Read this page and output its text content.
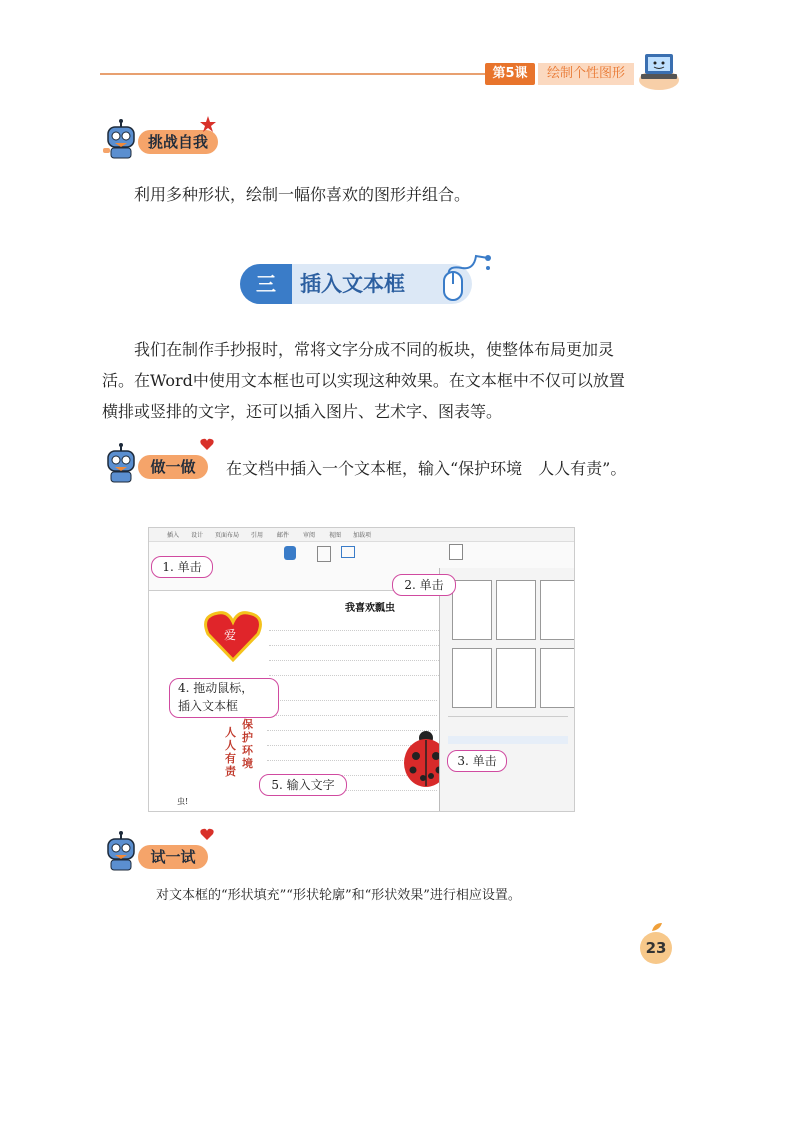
第5课	绘制个性图形
挑战自我
利用多种形状，绘制一幅你喜欢的图形并组合。
三	插入文本框
我们在制作手抄报时，常将文字分成不同的板块，使整体布局更加灵
活。在Word中使用文本框也可以实现这种效果。在文本框中不仅可以放置
横排或竖排的文字，还可以插入图片、艺术字、图表等。
做一做	在文档中插入一个文本框，输入“保护环境　人人有责”。
插入 设计 页面布局 引用 邮件 审阅 视图 加载项
我喜欢瓢虫
爱
保护环境
人人有责
虫!
1. 单击
2. 单击
3. 单击
4. 拖动鼠标，
插入文本框
5. 输入文字
试一试
对文本框的“形状填充”“形状轮廓”和“形状效果”进行相应设置。
23
